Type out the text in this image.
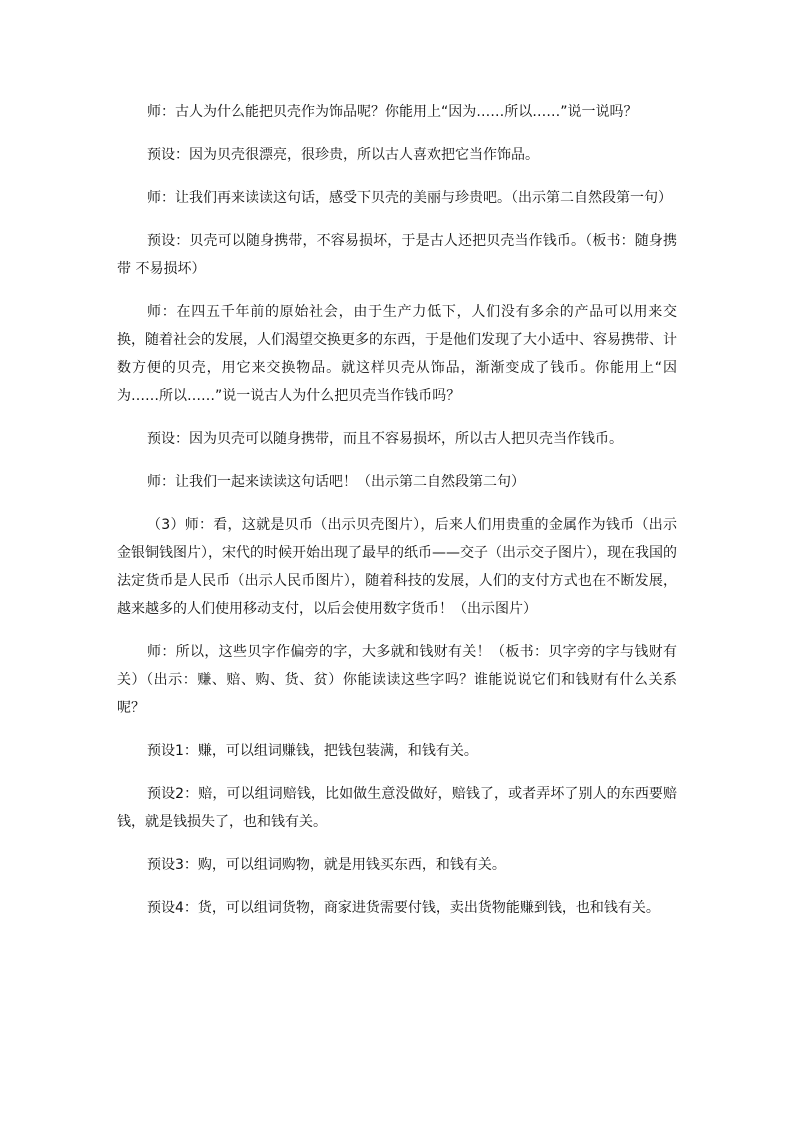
师：古人为什么能把贝壳作为饰品呢？你能用上“因为……所以……”说一说吗？

预设：因为贝壳很漂亮，很珍贵，所以古人喜欢把它当作饰品。

师：让我们再来读读这句话，感受下贝壳的美丽与珍贵吧。（出示第二自然段第一句）

预设：贝壳可以随身携带，不容易损坏，于是古人还把贝壳当作钱币。（板书：随身携带 不易损坏）

师：在四五千年前的原始社会，由于生产力低下，人们没有多余的产品可以用来交换，随着社会的发展，人们渴望交换更多的东西，于是他们发现了大小适中、容易携带、计数方便的贝壳，用它来交换物品。就这样贝壳从饰品，渐渐变成了钱币。你能用上“因为……所以……”说一说古人为什么把贝壳当作钱币吗？

预设：因为贝壳可以随身携带，而且不容易损坏，所以古人把贝壳当作钱币。

师：让我们一起来读读这句话吧！（出示第二自然段第二句）

（3）师：看，这就是贝币（出示贝壳图片），后来人们用贵重的金属作为钱币（出示金银铜钱图片），宋代的时候开始出现了最早的纸币——交子（出示交子图片），现在我国的法定货币是人民币（出示人民币图片），随着科技的发展，人们的支付方式也在不断发展，越来越多的人们使用移动支付，以后会使用数字货币！（出示图片）

师：所以，这些贝字作偏旁的字，大多就和钱财有关！（板书：贝字旁的字与钱财有关）（出示：赚、赔、购、货、贫）你能读读这些字吗？谁能说说它们和钱财有什么关系呢？

预设1：赚，可以组词赚钱，把钱包装满，和钱有关。

预设2：赔，可以组词赔钱，比如做生意没做好，赔钱了，或者弄坏了别人的东西要赔钱，就是钱损失了，也和钱有关。

预设3：购，可以组词购物，就是用钱买东西，和钱有关。

预设4：货，可以组词货物，商家进货需要付钱，卖出货物能赚到钱，也和钱有关。
